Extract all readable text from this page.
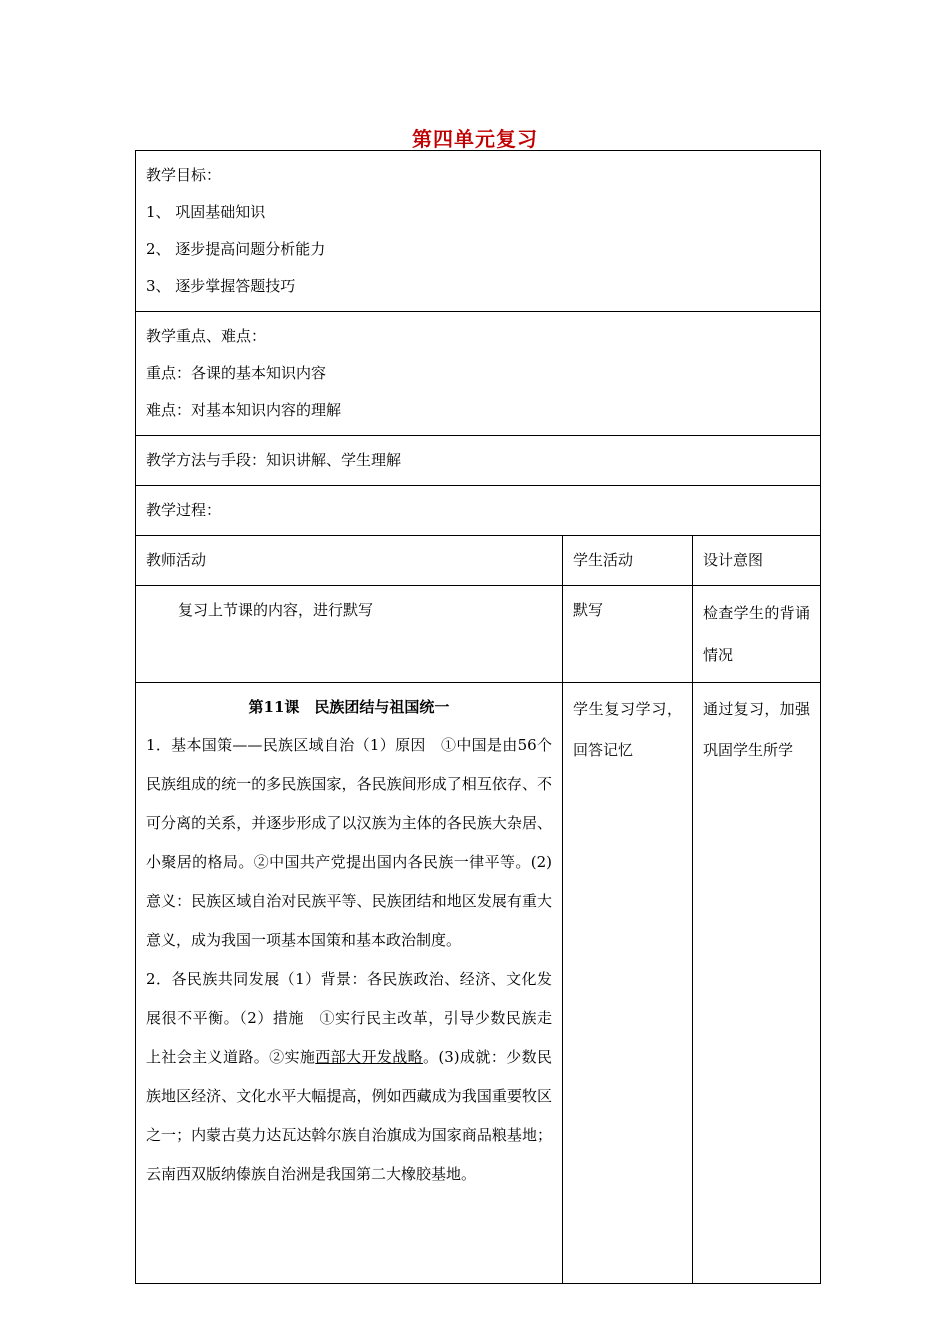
第四单元复习
教学目标：
1、 巩固基础知识
2、 逐步提高问题分析能力
3、 逐步掌握答题技巧		

教学重点、难点：
重点：各课的基本知识内容
难点：对基本知识内容的理解		

教学方法与手段：知识讲解、学生理解		

教学过程：		

教师活动	学生活动	设计意图

复习上节课的内容，进行默写	默写	检查学生的背诵情况

第11课　民族团结与祖国统一
1．基本国策——民族区域自治（1）原因　①中国是由56个民族组成的统一的多民族国家，各民族间形成了相互依存、不可分离的关系，并逐步形成了以汉族为主体的各民族大杂居、小聚居的格局。②中国共产党提出国内各民族一律平等。(2)意义：民族区域自治对民族平等、民族团结和地区发展有重大意义，成为我国一项基本国策和基本政治制度。
2．各民族共同发展（1）背景：各民族政治、经济、文化发展很不平衡。（2）措施　①实行民主改革，引导少数民族走上社会主义道路。②实施西部大开发战略。(3)成就：少数民族地区经济、文化水平大幅提高，例如西藏成为我国重要牧区之一；内蒙古莫力达瓦达斡尔族自治旗成为国家商品粮基地；云南西双版纳傣族自治洲是我国第二大橡胶基地。	学生复习学习，回答记忆	通过复习，加强巩固学生所学
